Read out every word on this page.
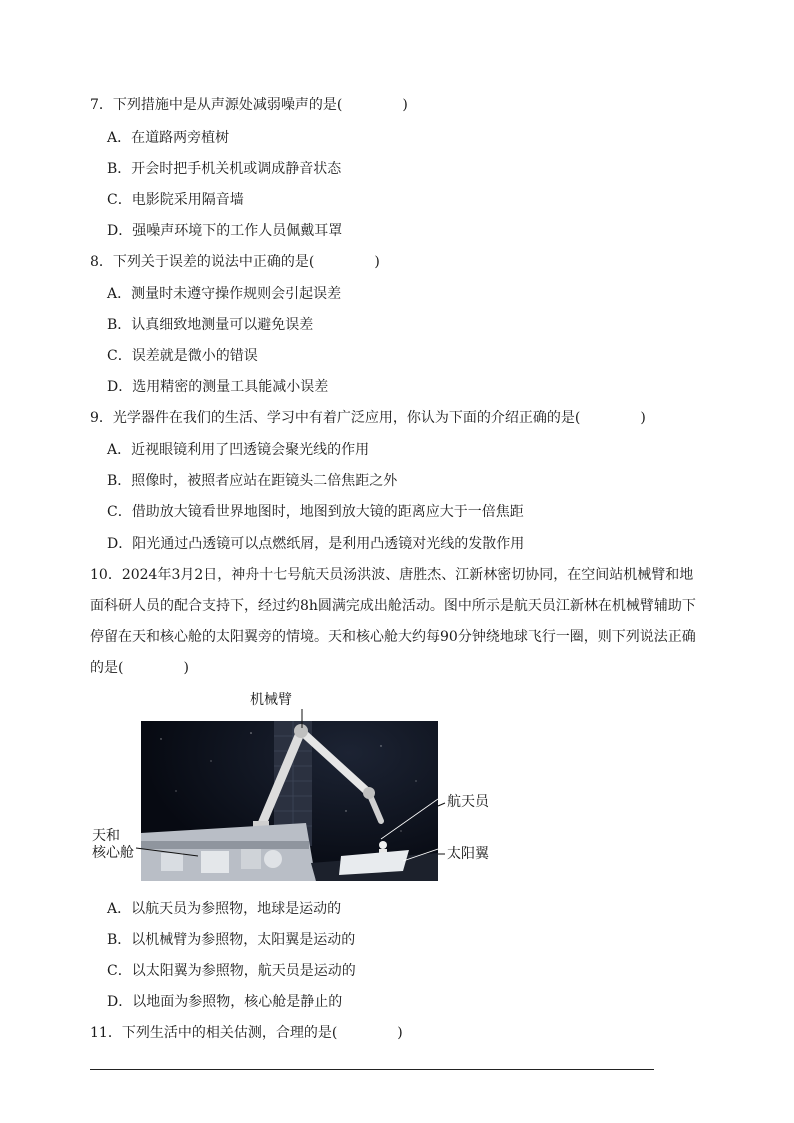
7．下列措施中是从声源处减弱噪声的是(	)
A．在道路两旁植树
B．开会时把手机关机或调成静音状态
C．电影院采用隔音墙
D．强噪声环境下的工作人员佩戴耳罩
8．下列关于误差的说法中正确的是(	)
A．测量时未遵守操作规则会引起误差
B．认真细致地测量可以避免误差
C．误差就是微小的错误
D．选用精密的测量工具能减小误差
9．光学器件在我们的生活、学习中有着广泛应用，你认为下面的介绍正确的是(	)
A．近视眼镜利用了凹透镜会聚光线的作用
B．照像时，被照者应站在距镜头二倍焦距之外
C．借助放大镜看世界地图时，地图到放大镜的距离应大于一倍焦距
D．阳光通过凸透镜可以点燃纸屑，是利用凸透镜对光线的发散作用
10．2024年3月2日，神舟十七号航天员汤洪波、唐胜杰、江新林密切协同，在空间站机械臂和地
面科研人员的配合支持下，经过约8h圆满完成出舱活动。图中所示是航天员江新林在机械臂辅助下
停留在天和核心舱的太阳翼旁的情境。天和核心舱大约每90分钟绕地球飞行一圈，则下列说法正确
的是(	)
机械臂
航天员
太阳翼
天和
核心舱
A．以航天员为参照物，地球是运动的
B．以机械臂为参照物，太阳翼是运动的
C．以太阳翼为参照物，航天员是运动的
D．以地面为参照物，核心舱是静止的
11．下列生活中的相关估测，合理的是(	)
